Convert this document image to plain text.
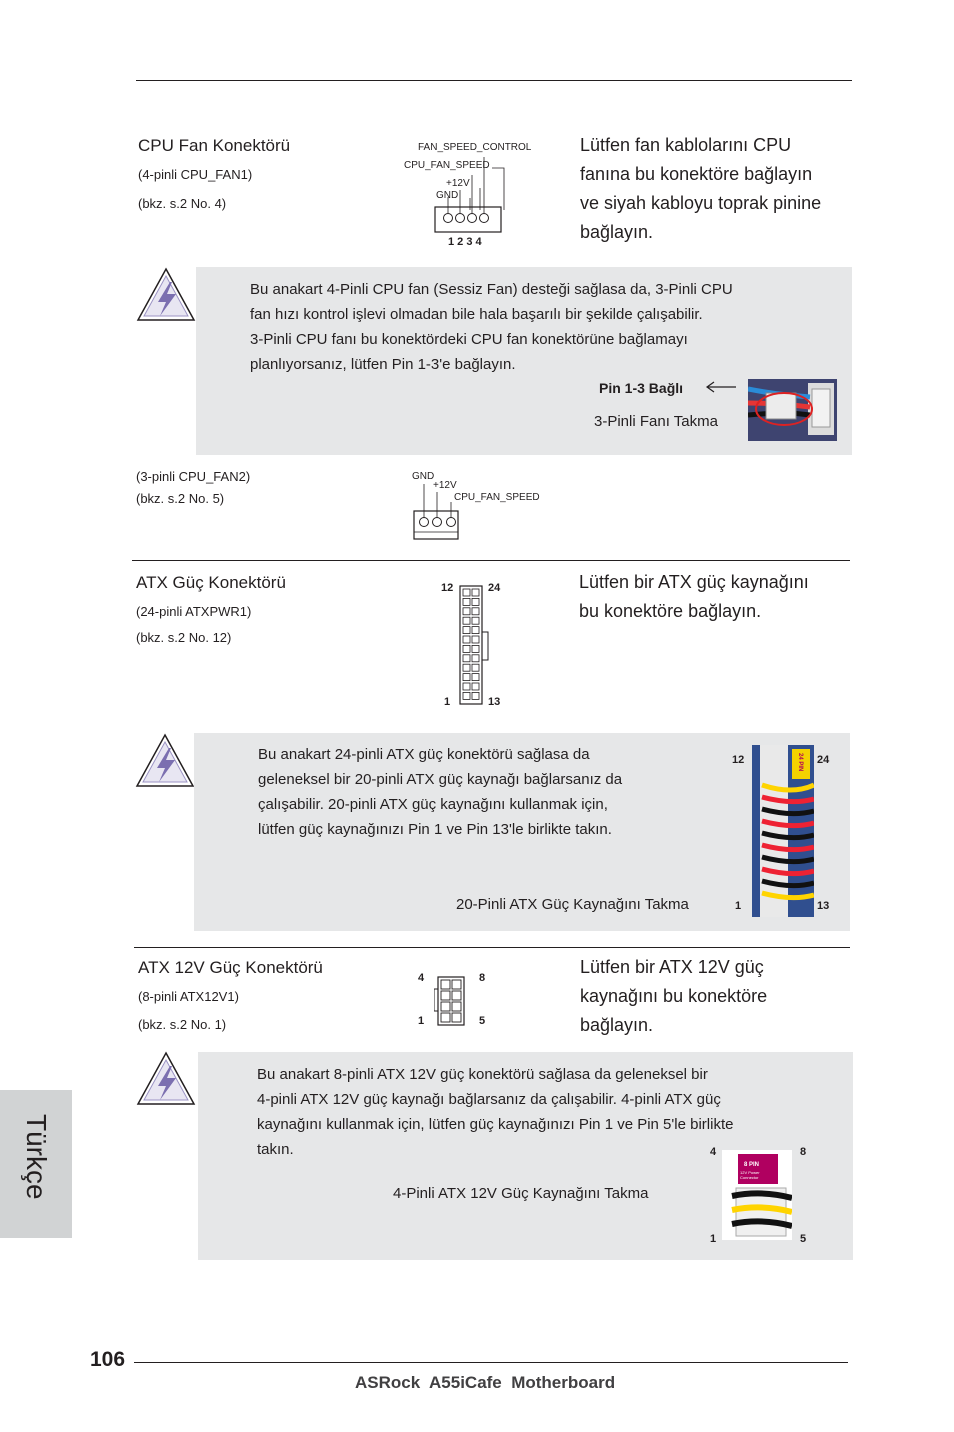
CPU Fan Konektörü
(4-pinli CPU_FAN1)
(bkz. s.2 No. 4)
FAN_SPEED_CONTROL
CPU_FAN_SPEED
+12V
GND
1 2 3 4
Lütfen fan kablolarını CPU
fanına bu konektöre bağlayın
ve siyah kabloyu toprak pinine
bağlayın.
Bu anakart 4-Pinli CPU fan (Sessiz Fan) desteği sağlasa da, 3-Pinli CPU
fan hızı kontrol işlevi olmadan bile hala başarılı bir şekilde çalışabilir.
3-Pinli CPU fanı bu konektördeki CPU fan konektörüne bağlamayı
planlıyorsanız, lütfen Pin 1-3'e bağlayın.
Pin 1-3 Bağlı
3-Pinli Fanı Takma
(3-pinli CPU_FAN2)
(bkz. s.2 No. 5)
GND
+12V
CPU_FAN_SPEED
ATX Güç Konektörü
(24-pinli ATXPWR1)
(bkz. s.2 No. 12)
12	24
1	13
Lütfen bir ATX güç kaynağını
bu konektöre bağlayın.
Bu anakart 24-pinli ATX güç konektörü sağlasa da
geleneksel bir 20-pinli ATX güç kaynağı bağlarsanız da
çalışabilir. 20-pinli ATX güç kaynağını kullanmak için,
lütfen güç kaynağınızı Pin 1 ve Pin 13'le birlikte takın.
20-Pinli ATX Güç Kaynağını Takma
12	24
1	13
24 PIN
ATX 12V Güç Konektörü
(8-pinli ATX12V1)
(bkz. s.2 No. 1)
4	8
1	5
Lütfen bir ATX 12V güç
kaynağını bu konektöre
bağlayın.
Bu anakart 8-pinli ATX 12V güç konektörü sağlasa da geleneksel bir
4-pinli ATX 12V güç kaynağı bağlarsanız da çalışabilir. 4-pinli ATX güç
kaynağını kullanmak için, lütfen güç kaynağınızı Pin 1 ve Pin 5'le birlikte
takın.
4-Pinli ATX 12V Güç Kaynağını Takma
4	8
1	5
8 PIN
12V Power Connector
Türkçe
106
ASRock  A55iCafe  Motherboard
